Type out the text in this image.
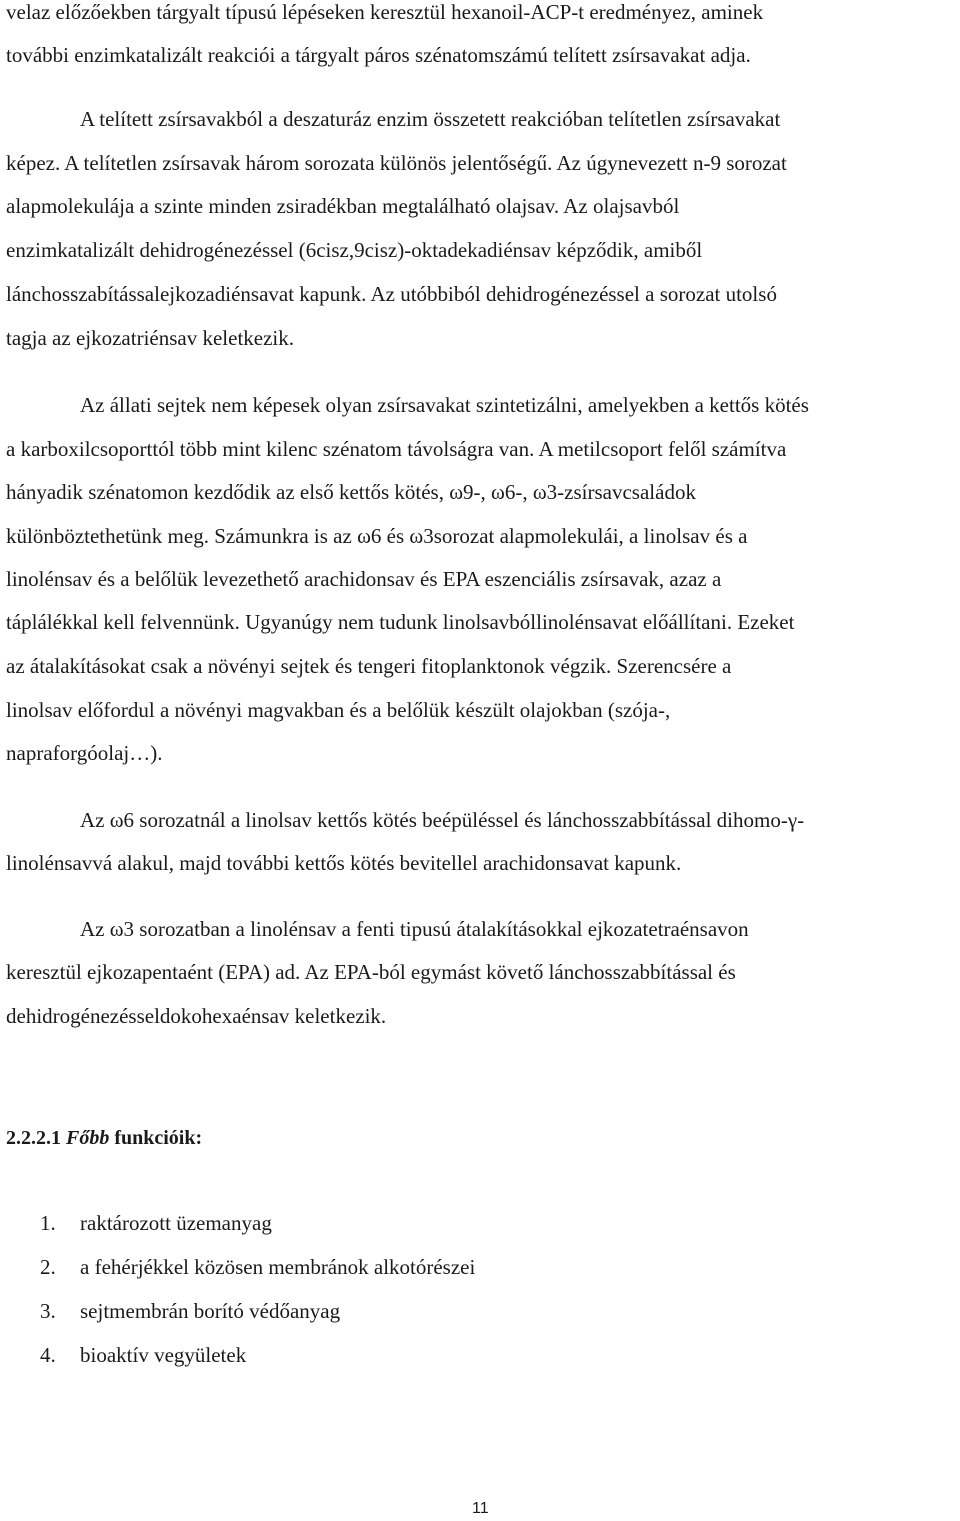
velaz előzőekben tárgyalt típusú lépéseken keresztül hexanoil-ACP-t eredményez, aminek
további enzimkatalizált reakciói a tárgyalt páros szénatomszámú telített zsírsavakat adja.
A telített zsírsavakból a deszaturáz enzim összetett reakcióban telítetlen zsírsavakat
képez. A telítetlen zsírsavak három sorozata különös jelentőségű. Az úgynevezett n-9 sorozat
alapmolekulája a szinte minden zsiradékban megtalálható olajsav. Az olajsavból
enzimkatalizált dehidrogénezéssel (6cisz,9cisz)-oktadekadiénsav képződik, amiből
lánchosszabítássalejkozadiénsavat kapunk. Az utóbbiból dehidrogénezéssel a sorozat utolsó
tagja az ejkozatriénsav keletkezik.
Az állati sejtek nem képesek olyan zsírsavakat szintetizálni, amelyekben a kettős kötés
a karboxilcsoporttól több mint kilenc szénatom távolságra van. A metilcsoport felől számítva
hányadik szénatomon kezdődik az első kettős kötés, ω9-, ω6-, ω3-zsírsavcsaládok
különböztethetünk meg. Számunkra is az ω6 és ω3sorozat alapmolekulái, a linolsav és a
linolénsav és a belőlük levezethető arachidonsav és EPA eszenciális zsírsavak, azaz a
táplálékkal kell felvennünk. Ugyanúgy nem tudunk linolsavbóllinolénsavat előállítani. Ezeket
az átalakításokat csak a növényi sejtek és tengeri fitoplanktonok végzik. Szerencsére a
linolsav előfordul a növényi magvakban és a belőlük készült olajokban (szója-,
napraforgóolaj…).
Az ω6 sorozatnál a linolsav kettős kötés beépüléssel és lánchosszabbítással dihomo-γ-
linolénsavvá alakul, majd további kettős kötés bevitellel arachidonsavat kapunk.
Az ω3 sorozatban a linolénsav a fenti tipusú átalakításokkal ejkozatetraénsavon
keresztül ejkozapentaént (EPA) ad. Az EPA-ból egymást követő lánchosszabbítással és
dehidrogénezésseldokohexaénsav keletkezik.
2.2.2.1 Főbb funkcióik:
1. raktározott üzemanyag
2. a fehérjékkel közösen membránok alkotórészei
3. sejtmembrán borító védőanyag
4. bioaktív vegyületek
11
